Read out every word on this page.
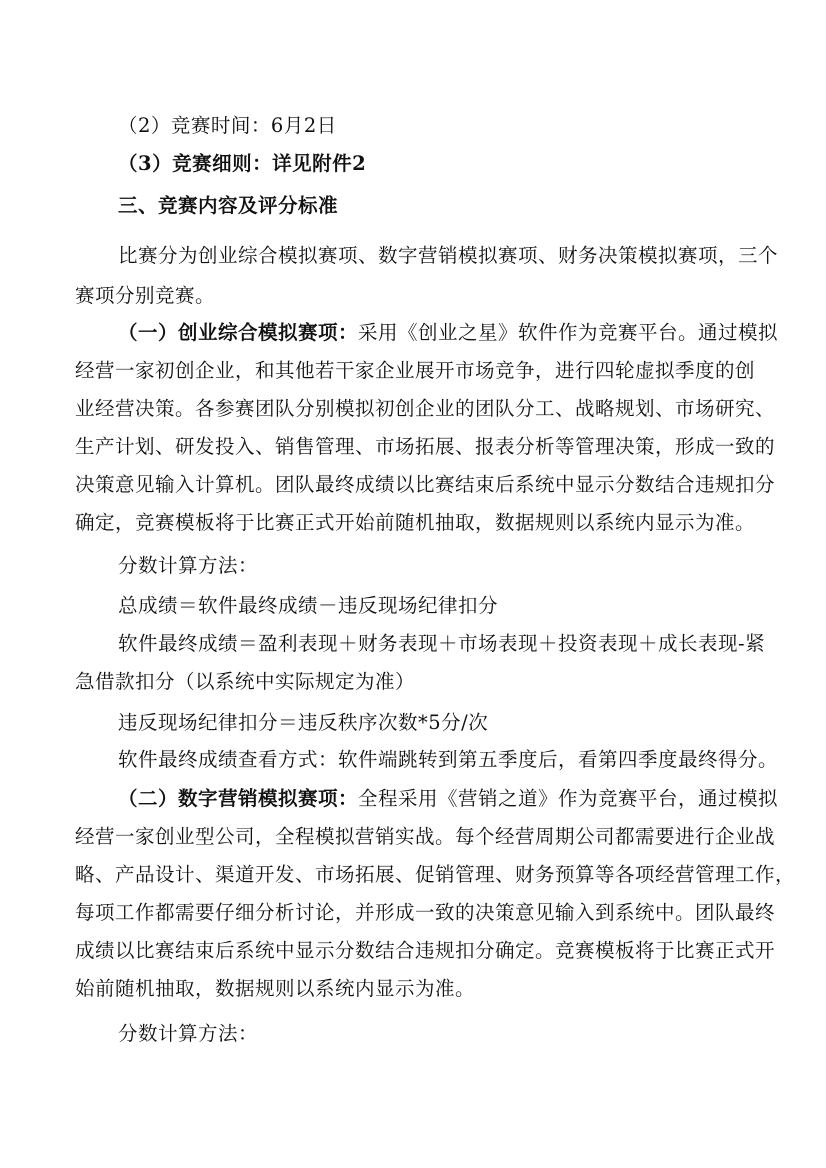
（2）竞赛时间：6月2日
（3）竞赛细则：详见附件2
三、竞赛内容及评分标准
比赛分为创业综合模拟赛项、数字营销模拟赛项、财务决策模拟赛项，三个
赛项分别竞赛。
（一）创业综合模拟赛项：采用《创业之星》软件作为竞赛平台。通过模拟
经营一家初创企业，和其他若干家企业展开市场竞争，进行四轮虚拟季度的创
业经营决策。各参赛团队分别模拟初创企业的团队分工、战略规划、市场研究、
生产计划、研发投入、销售管理、市场拓展、报表分析等管理决策，形成一致的
决策意见输入计算机。团队最终成绩以比赛结束后系统中显示分数结合违规扣分
确定，竞赛模板将于比赛正式开始前随机抽取，数据规则以系统内显示为准。
分数计算方法：
总成绩＝软件最终成绩－违反现场纪律扣分
软件最终成绩＝盈利表现＋财务表现＋市场表现＋投资表现＋成长表现-紧
急借款扣分（以系统中实际规定为准）
违反现场纪律扣分＝违反秩序次数*5分/次
软件最终成绩查看方式：软件端跳转到第五季度后，看第四季度最终得分。
（二）数字营销模拟赛项：全程采用《营销之道》作为竞赛平台，通过模拟
经营一家创业型公司，全程模拟营销实战。每个经营周期公司都需要进行企业战
略、产品设计、渠道开发、市场拓展、促销管理、财务预算等各项经营管理工作，
每项工作都需要仔细分析讨论，并形成一致的决策意见输入到系统中。团队最终
成绩以比赛结束后系统中显示分数结合违规扣分确定。竞赛模板将于比赛正式开
始前随机抽取，数据规则以系统内显示为准。
分数计算方法：
